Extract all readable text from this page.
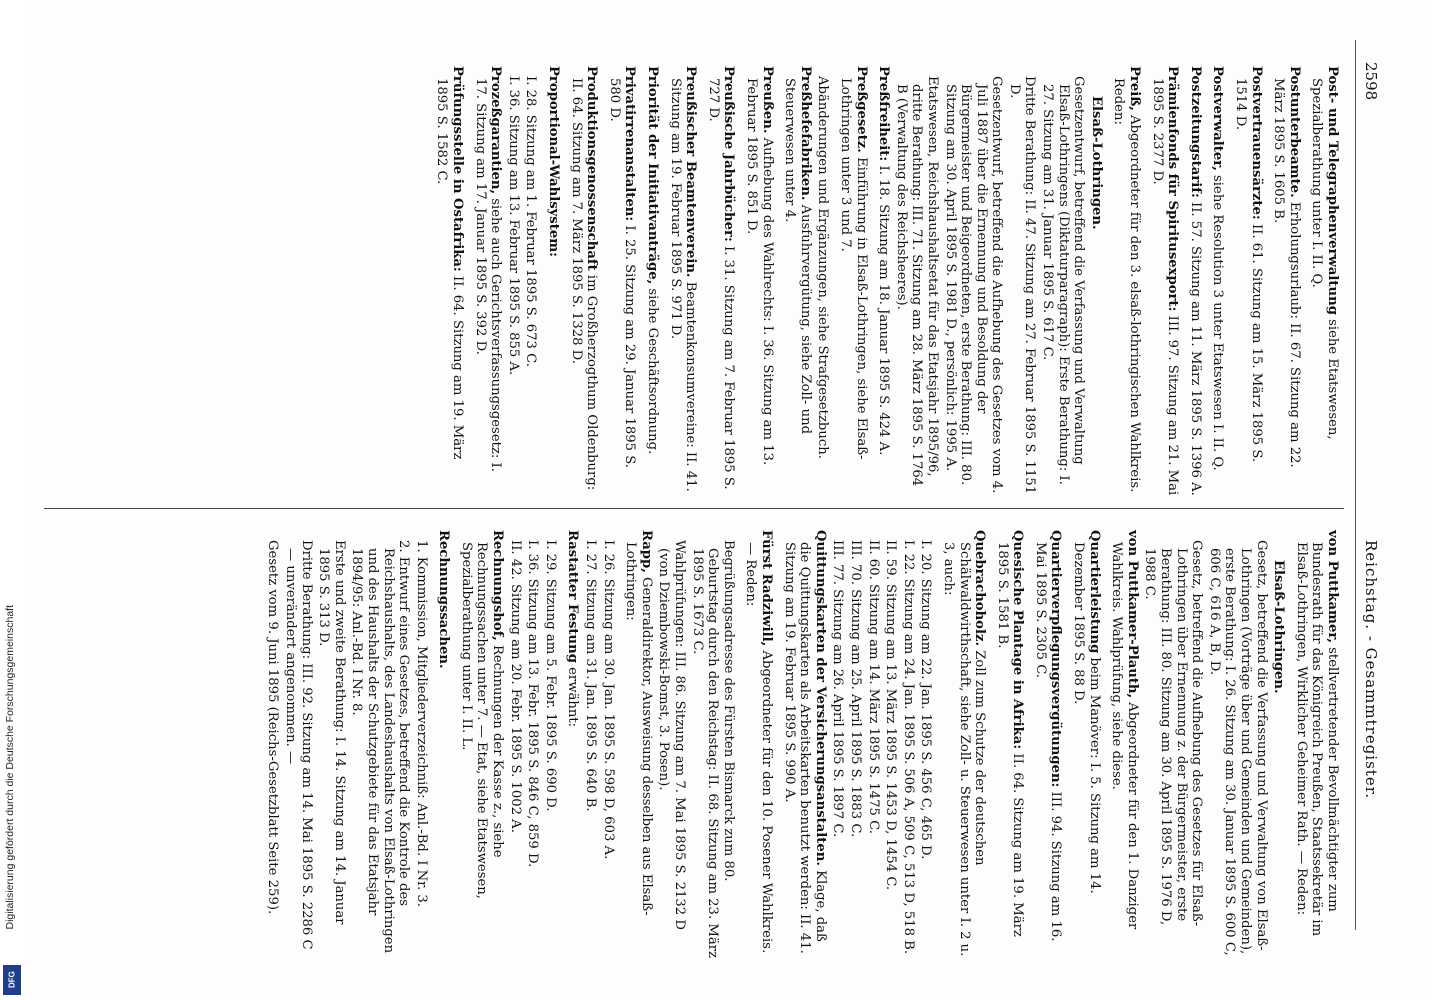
2598
Reichstag. - Gesammtregister.
Post- und Telegraphenverwaltung siehe Etatswesen, Spezialberathung unter I. II. Q.
Postunterbeamte. Erholungsurlaub: II. 67. Sitzung am 22. März 1895 S. 1605 B.
Postvertrauensärzte: II. 61. Sitzung am 15. März 1895 S. 1514 D.
Postverwalter, siehe Resolution 3 unter Etatswesen I. II. Q.
Postzeitungstarif: II. 57. Sitzung am 11. März 1895 S. 1396 A.
Prämienfonds für Spiritusexport: III. 97. Sitzung am 21. Mai 1895 S. 2377 D.
Preiß, Abgeordneter für den 3. elsaß-lothringischen Wahlkreis. Reden:
Elsaß-Lothringen.
Gesetzentwurf, betreffend die Verfassung und Verwaltung Elsaß-Lothringens (Diktaturparagraph): Erste Berathung: I. 27. Sitzung am 31. Januar 1895 S. 617 C.
Dritte Berathung: II. 47. Sitzung am 27. Februar 1895 S. 1151 D.
Gesetzentwurf, betreffend die Aufhebung des Gesetzes vom 4. Juli 1887 über die Ernennung und Besoldung der Bürgermeister und Beigeordneten, erste Berathung: III. 80. Sitzung am 30. April 1895 S. 1981 D., persönlich: 1995 A.
Etatswesen, Reichshaushaltsetat für das Etatsjahr 1895/96, dritte Berathung: III. 71. Sitzung am 28. März 1895 S. 1764 B (Verwaltung des Reichsheeres).
Preßfreiheit: I. 18. Sitzung am 18. Januar 1895 S. 424 A.
Preßgesetz. Einführung in Elsaß-Lothringen, siehe Elsaß-Lothringen unter 3 und 7.
Abänderungen und Ergänzungen, siehe Strafgesetzbuch.
Preßhefefabriken. Ausfuhrvergütung, siehe Zoll- und Steuerwesen unter 4.
Preußen. Aufhebung des Wahlrechts: I. 36. Sitzung am 13. Februar 1895 S. 851 D.
Preußische Jahrbücher: I. 31. Sitzung am 7. Februar 1895 S. 727 D.
Preußischer Beamtenverein. Beamtenkonsumvereine: II. 41. Sitzung am 19. Februar 1895 S. 971 D.
Priorität der Initiativanträge, siehe Geschäftsordnung.
Privatirrenanstalten: I. 25. Sitzung am 29. Januar 1895 S. 580 D.
Produktionsgenossenschaft im Großherzogthum Oldenburg: II. 64. Sitzung am 7. März 1895 S. 1328 D.
Proportional-Wahlsystem:
I. 28. Sitzung am 1. Februar 1895 S. 673 C.
I. 36. Sitzung am 13. Februar 1895 S. 855 A.
Prozeßgarantien, siehe auch Gerichtsverfassungsgesetz: I. 17. Sitzung am 17. Januar 1895 S. 392 D.
Prüfungsstelle in Ostafrika: II. 64. Sitzung am 19. März 1895 S. 1582 C.
von Puttkamer, stellvertretender Bevollmächtigter zum Bundesrath für das Königreich Preußen, Staatssekretär im Elsaß-Lothringen, Wirklicher Geheimer Rath. — Reden:
Elsaß-Lothringen.
Gesetz, betreffend die Verfassung und Verwaltung von Elsaß-Lothringen (Vorträge über und Gemeinden und Gemeinden), erste Berathung: I. 26. Sitzung am 30. Januar 1895 S. 600 C, 606 C, 616 A, B, D.
Gesetz, betreffend die Aufhebung des Gesetzes für Elsaß-Lothringen über Ernennung z. der Bürgermeister, erste Berathung: III. 80. Sitzung am 30. April 1895 S. 1976 D, 1988 C.
von Puttkamer-Plauth, Abgeordneter für den 1. Danziger Wahlkreis. Wahlprüfung, siehe diese.
Quartierleistung beim Manöver: I. 5. Sitzung am 14. Dezember 1895 S. 88 D.
Quartierverpflegungsvergütungen: III. 94. Sitzung am 16. Mai 1895 S. 2305 C.
Quesische Plantage in Afrika: II. 64. Sitzung am 19. März 1895 S. 1581 B.
Quebrachoholz. Zoll zum Schutze der deutschen Schälwaldwirthschaft, siehe Zoll- u. Steuerwesen unter I. 2 u. 3, auch:
I. 20. Sitzung am 22. Jan. 1895 S. 456 C, 465 D.
I. 22. Sitzung am 24. Jan. 1895 S. 506 A, 509 C, 513 D, 518 B.
II. 59. Sitzung am 13. März 1895 S. 1453 D, 1454 C.
II. 60. Sitzung am 14. März 1895 S. 1475 C.
III. 70. Sitzung am 25. April 1895 S. 1883 C.
III. 77. Sitzung am 26. April 1895 S. 1897 C.
Quittungskarten der Versicherungsanstalten. Klage, daß die Quittungskarten als Arbeitskarten benutzt werden: II. 41. Sitzung am 19. Februar 1895 S. 990 A.
Fürst Radziwill, Abgeordneter für den 10. Posener Wahlkreis. — Reden:
Begrüßungsadresse des Fürsten Bismarck zum 80. Geburtstag durch den Reichstag: II. 68. Sitzung am 23. März 1895 S. 1673 C.
Wahlprüfungen: III. 86. Sitzung am 7. Mai 1895 S. 2132 D (von Dziembowski-Bomst, 3. Posen).
Rapp, Generaldirektor, Ausweisung desselben aus Elsaß-Lothringen:
I. 26. Sitzung am 30. Jan. 1895 S. 598 D, 603 A.
I. 27. Sitzung am 31. Jan. 1895 S. 640 B.
Rastatter Festung erwähnt:
I. 29. Sitzung am 5. Febr. 1895 S. 690 D.
I. 36. Sitzung am 13. Febr. 1895 S. 846 C, 859 D.
II. 42. Sitzung am 20. Febr. 1895 S. 1002 A.
Rechnungshof, Rechnungen der Kasse z., siehe Rechnungssachen unter 7. — Etat, siehe Etatswesen, Spezialberathung unter I. II. L.
Rechnungssachen.
1. Kommission, Mitgliederverzeichniß: Anl.-Bd. I Nr. 3.
2. Entwurf eines Gesetzes, betreffend die Kontrole des Reichshaushalts, des Landeshaushalts von Elsaß-Lothringen und des Haushalts der Schutzgebiete für das Etatsjahr 1894/95: Anl.-Bd. I Nr. 8.
Erste und zweite Berathung: I. 14. Sitzung am 14. Januar 1895 S. 313 D.
Dritte Berathung: III. 92. Sitzung am 14. Mai 1895 S. 2286 C — unverändert angenommen. —
Gesetz vom 9. Juni 1895 (Reichs-Gesetzblatt Seite 259).
Digitalisierung gefördert durch die Deutsche Forschungsgemeinschaft
DFG
